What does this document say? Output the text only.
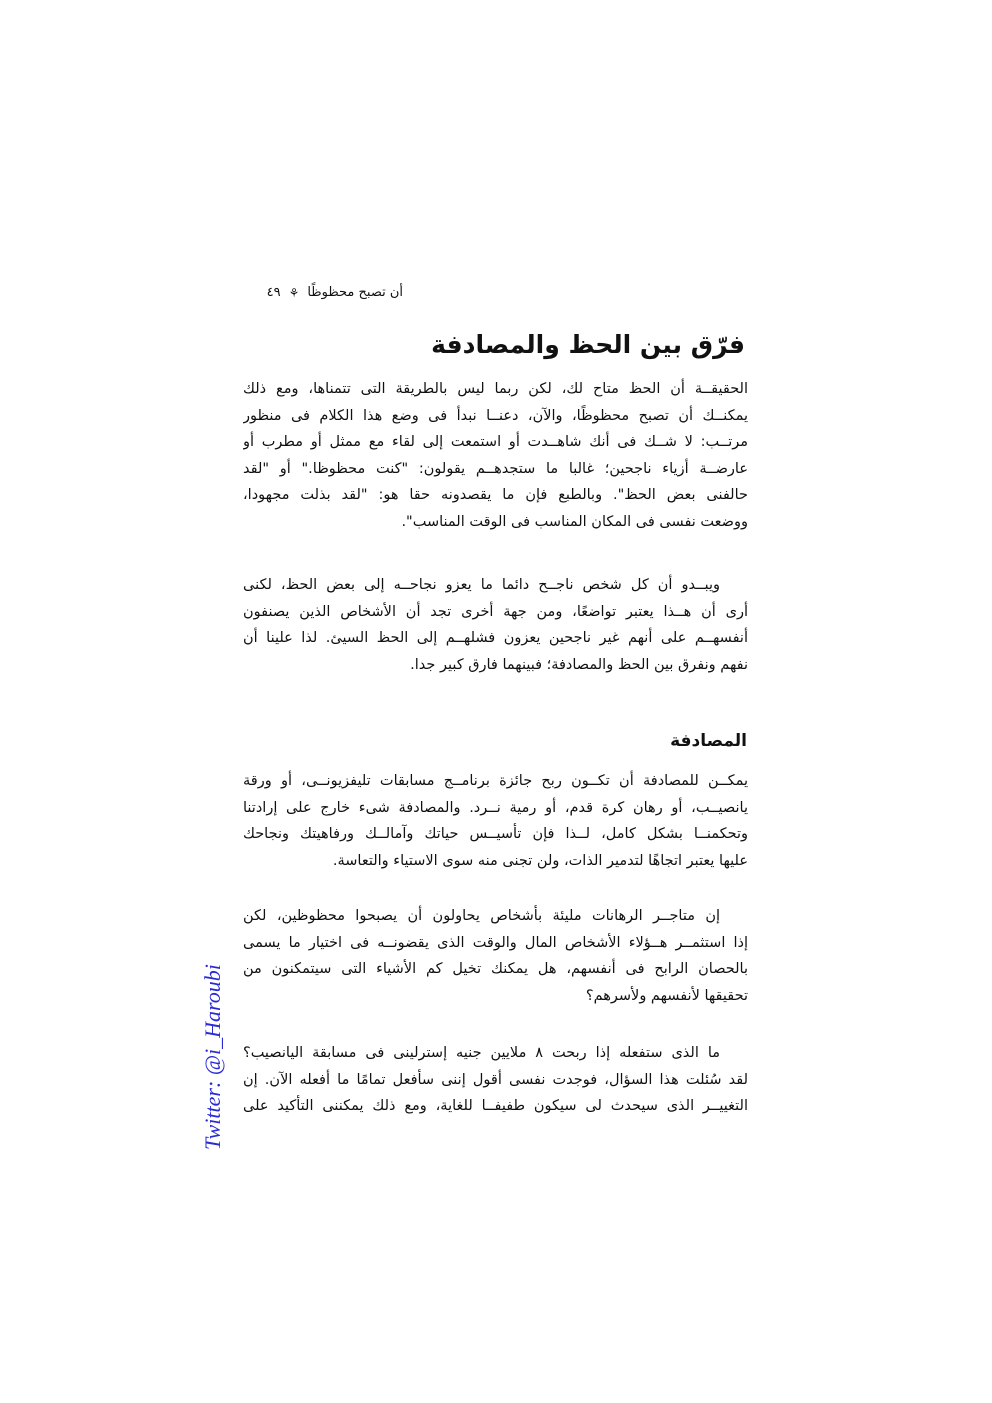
أن تصبح محظوظًا
⚘
٤٩
فرّق بين الحظ والمصادفة
الحقيقــة أن الحظ متاح لك، لكن ربما ليس بالطريقة التى تتمناها، ومع ذلك
يمكنــك أن تصبح محظوظًا، والآن، دعنــا نبدأ فى وضع هذا الكلام فى منظور
مرتــب: لا شــك فى أنك شاهــدت أو استمعت إلى لقاء مع ممثل أو مطرب أو
عارضــة أزياء ناجحين؛ غالبا ما ستجدهــم يقولون: "كنت محظوظا." أو "لقد
حالفنى بعض الحظ". وبالطبع فإن ما يقصدونه حقا هو: "لقد بذلت مجهودا،
ووضعت نفسى فى المكان المناسب فى الوقت المناسب".
ويبــدو أن كل شخص ناجــح دائما ما يعزو نجاحــه إلى بعض الحظ، لكنى
أرى أن هــذا يعتبر تواضعًا، ومن جهة أخرى تجد أن الأشخاص الذين يصنفون
أنفسهــم على أنهم غير ناجحين يعزون فشلهــم إلى الحظ السيئ. لذا علينا أن
نفهم ونفرق بين الحظ والمصادفة؛ فبينهما فارق كبير جدا.
المصادفة
يمكــن للمصادفة أن تكــون ربح جائزة برنامــج مسابقات تليفزيونــى، أو ورقة
يانصيــب، أو رهان كرة قدم، أو رمية نــرد. والمصادفة شىء خارج على إرادتنا
وتحكمنــا بشكل كامل، لــذا فإن تأسيــس حياتك وآمالــك ورفاهيتك ونجاحك
عليها يعتبر اتجاهًا لتدمير الذات، ولن تجنى منه سوى الاستياء والتعاسة.
إن متاجــر الرهانات مليئة بأشخاص يحاولون أن يصبحوا محظوظين، لكن
إذا استثمــر هــؤلاء الأشخاص المال والوقت الذى يقضونــه فى اختيار ما يسمى
بالحصان الرابح فى أنفسهم، هل يمكنك تخيل كم الأشياء التى سيتمكنون من
تحقيقها لأنفسهم ولأسرهم؟
ما الذى ستفعله إذا ربحت ٨ ملايين جنيه إسترلينى فى مسابقة اليانصيب؟
لقد سُئلت هذا السؤال، فوجدت نفسى أقول إننى سأفعل تمامًا ما أفعله الآن. إن
التغييــر الذى سيحدث لى سيكون طفيفــا للغاية، ومع ذلك يمكننى التأكيد على
Twitter: @i_Haroubi
